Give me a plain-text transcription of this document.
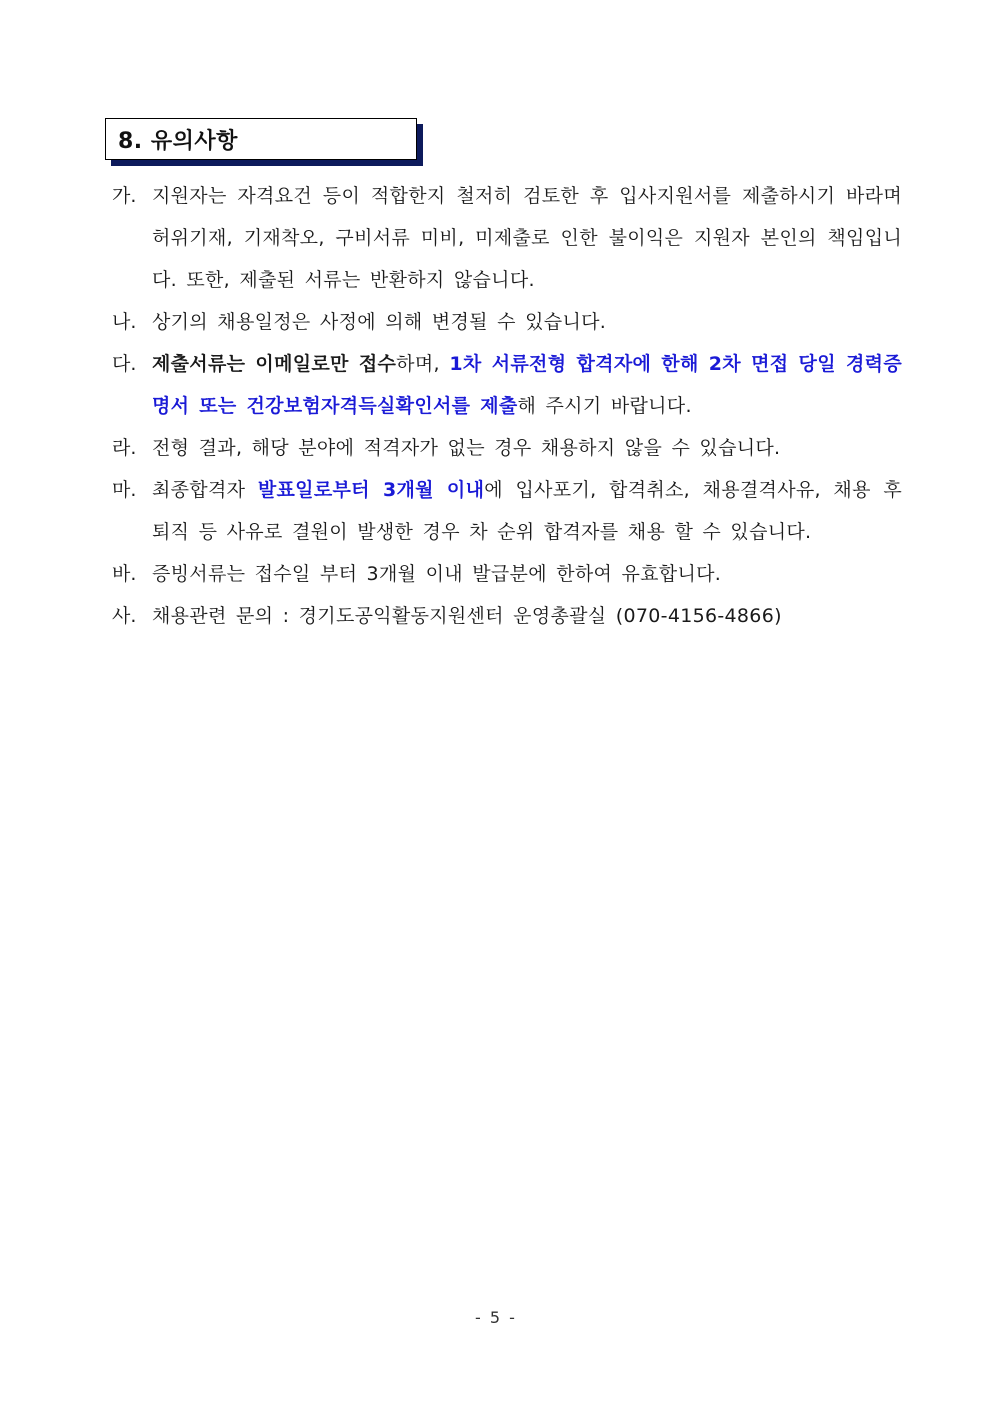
8. 유의사항
가. 지원자는 자격요건 등이 적합한지 철저히 검토한 후 입사지원서를 제출하시기 바라며 허위기재, 기재착오, 구비서류 미비, 미제출로 인한 불이익은 지원자 본인의 책임입니다. 또한, 제출된 서류는 반환하지 않습니다.
나. 상기의 채용일정은 사정에 의해 변경될 수 있습니다.
다. 제출서류는 이메일로만 접수하며, 1차 서류전형 합격자에 한해 2차 면접 당일 경력증명서 또는 건강보험자격득실확인서를 제출해 주시기 바랍니다.
라. 전형 결과, 해당 분야에 적격자가 없는 경우 채용하지 않을 수 있습니다.
마. 최종합격자 발표일로부터 3개월 이내에 입사포기, 합격취소, 채용결격사유, 채용 후 퇴직 등 사유로 결원이 발생한 경우 차 순위 합격자를 채용 할 수 있습니다.
바. 증빙서류는 접수일 부터 3개월 이내 발급분에 한하여 유효합니다.
사. 채용관련 문의 : 경기도공익활동지원센터 운영총괄실 (070-4156-4866)
- 5 -
